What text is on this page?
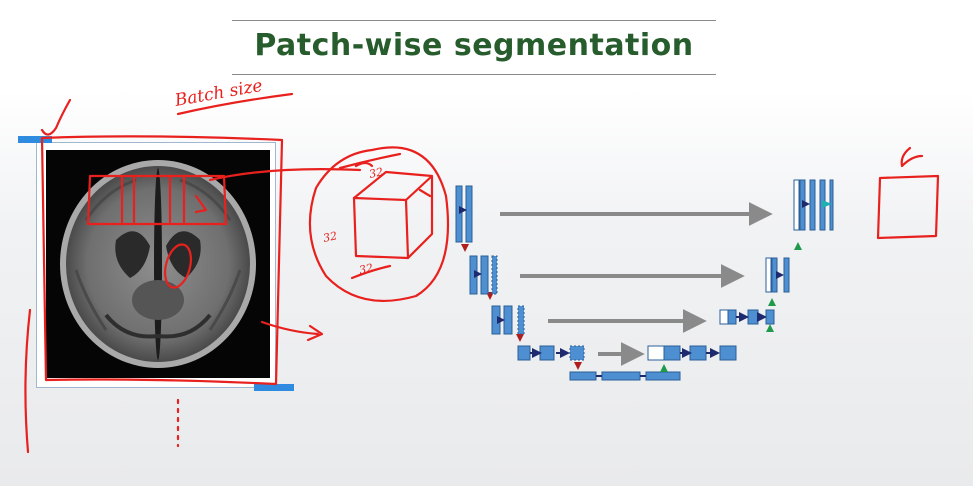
Patch-wise segmentation
Batch size
32
32
32
